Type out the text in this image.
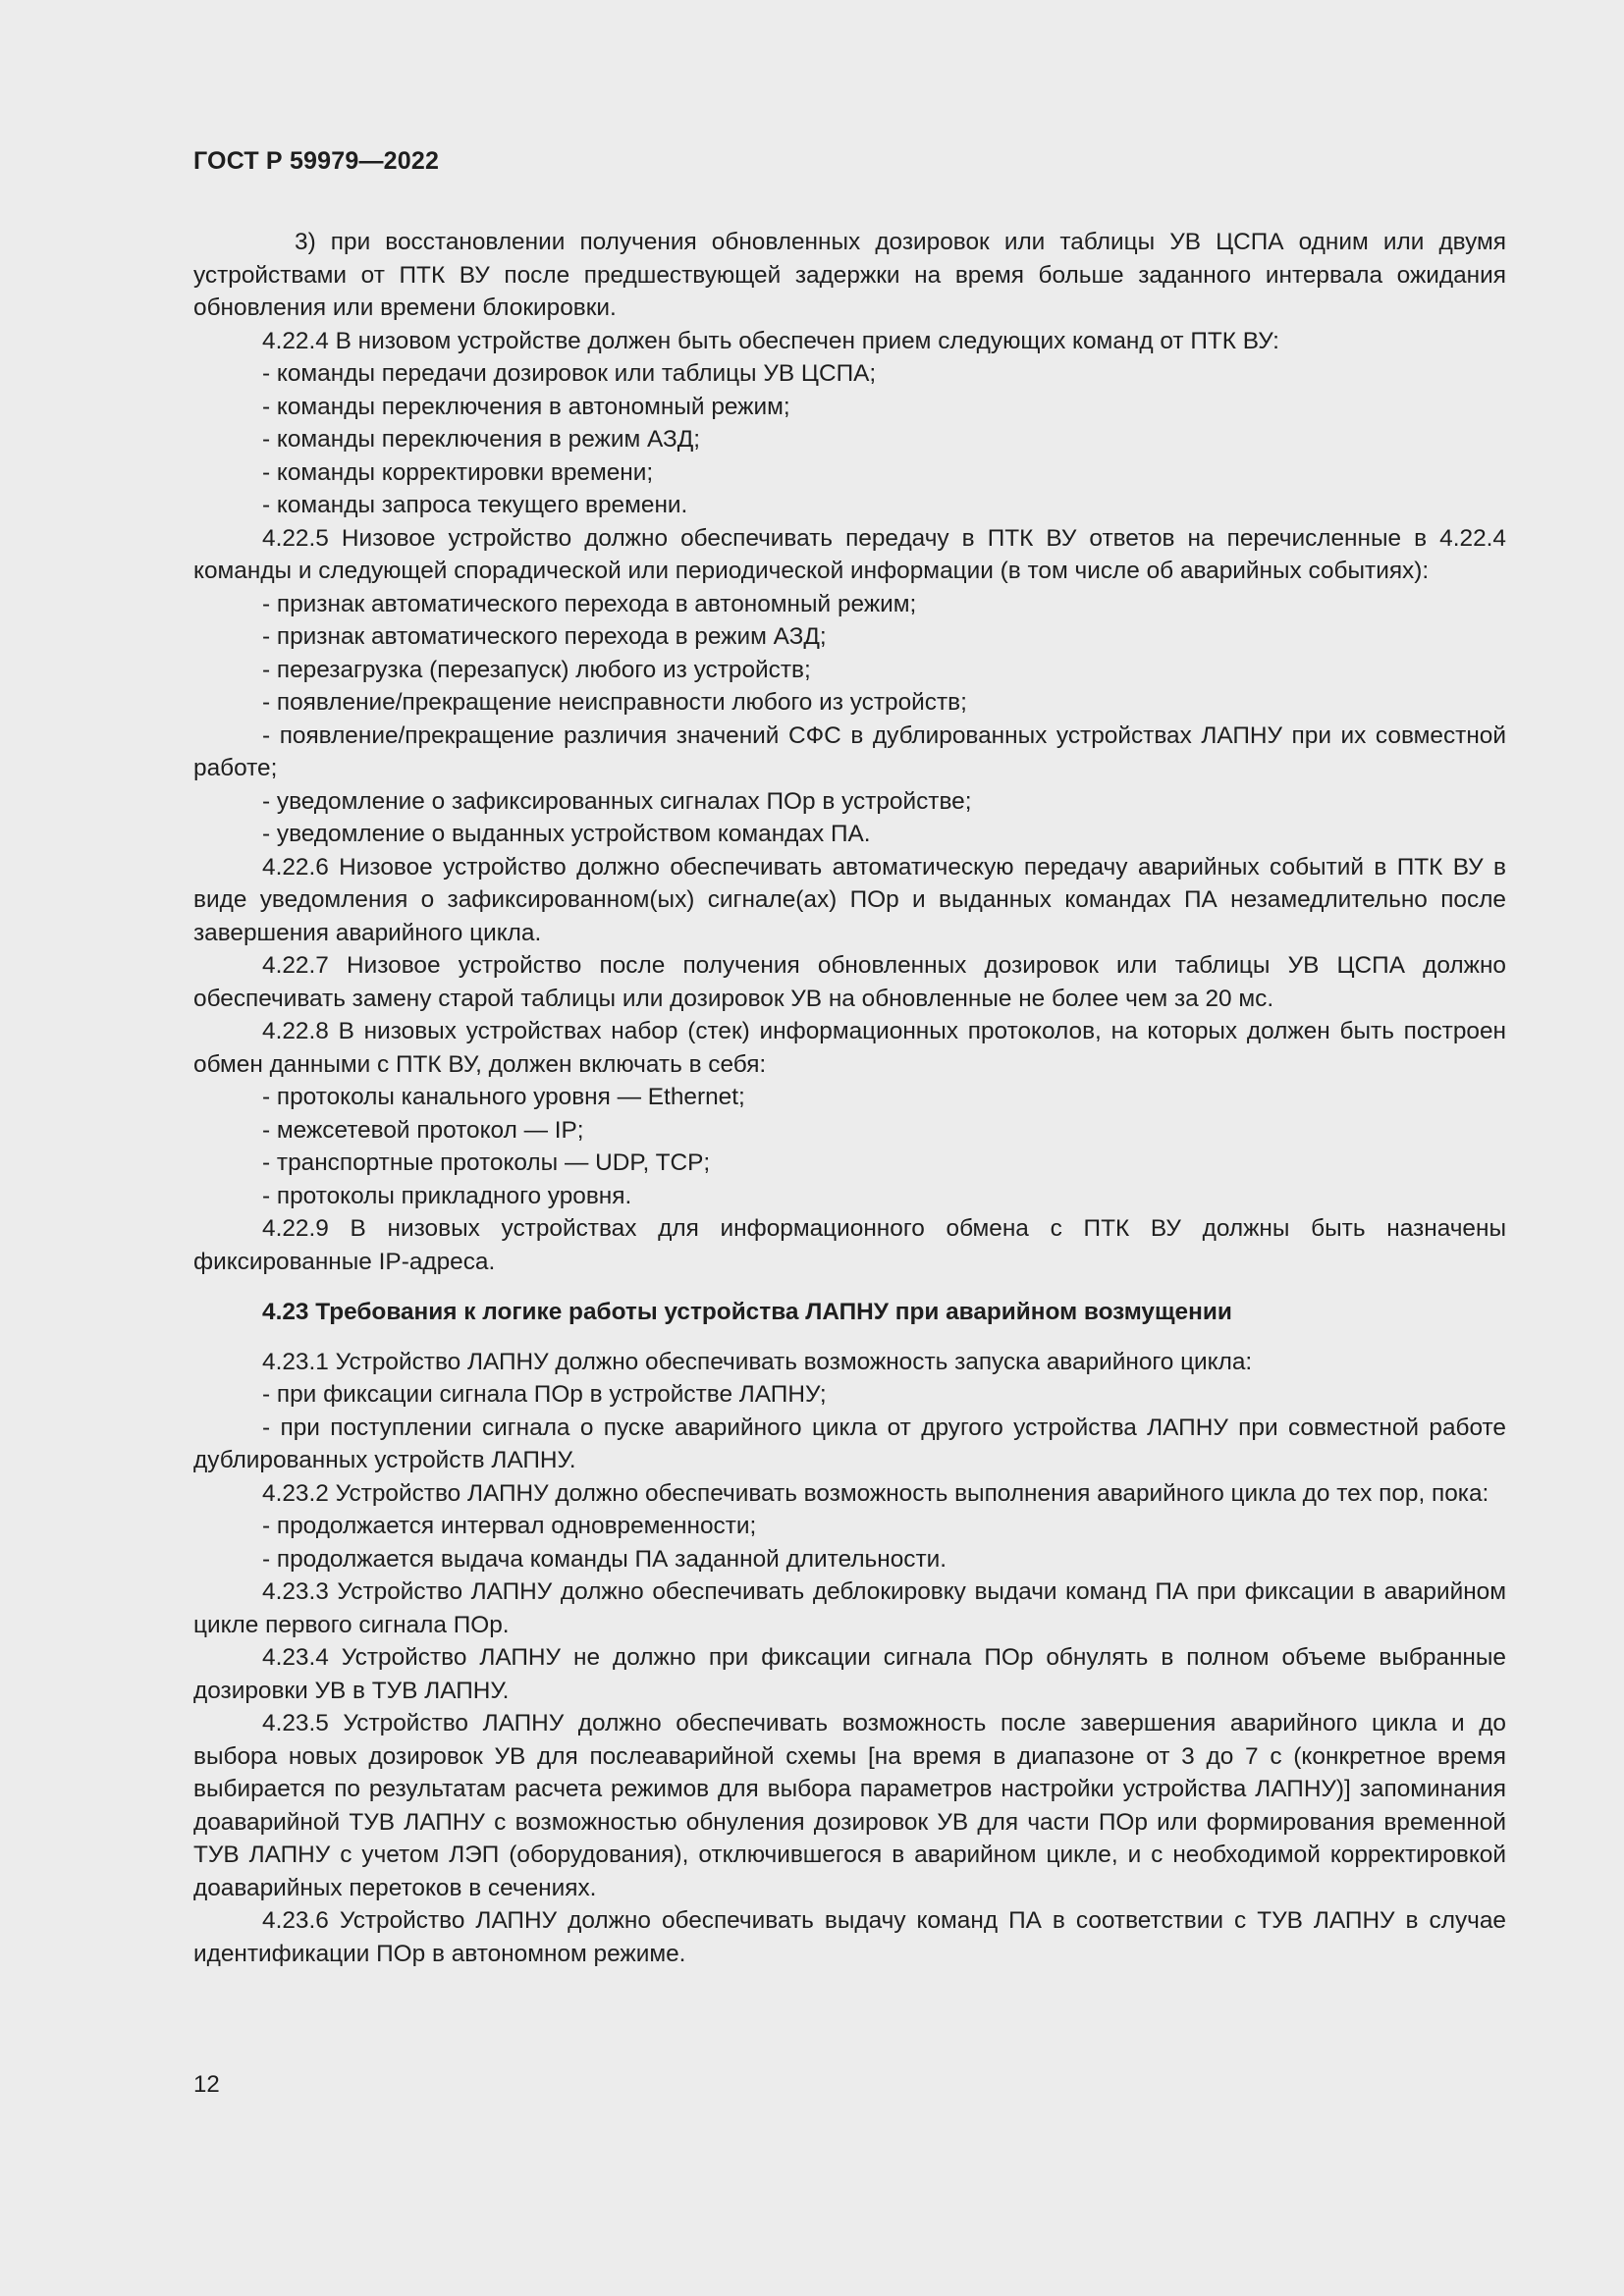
ГОСТ Р 59979—2022

3) при восстановлении получения обновленных дозировок или таблицы УВ ЦСПА одним или двумя устройствами от ПТК ВУ после предшествующей задержки на время больше заданного интервала ожидания обновления или времени блокировки.

4.22.4 В низовом устройстве должен быть обеспечен прием следующих команд от ПТК ВУ:

- команды передачи дозировок или таблицы УВ ЦСПА;

- команды переключения в автономный режим;

- команды переключения в режим АЗД;

- команды корректировки времени;

- команды запроса текущего времени.

4.22.5 Низовое устройство должно обеспечивать передачу в ПТК ВУ ответов на перечисленные в 4.22.4 команды и следующей спорадической или периодической информации (в том числе об аварийных событиях):

- признак автоматического перехода в автономный режим;

- признак автоматического перехода в режим АЗД;

- перезагрузка (перезапуск) любого из устройств;

- появление/прекращение неисправности любого из устройств;

- появление/прекращение различия значений СФС в дублированных устройствах ЛАПНУ при их совместной работе;

- уведомление о зафиксированных сигналах ПОр в устройстве;

- уведомление о выданных устройством командах ПА.

4.22.6 Низовое устройство должно обеспечивать автоматическую передачу аварийных событий в ПТК ВУ в виде уведомления о зафиксированном(ых) сигнале(ах) ПОр и выданных командах ПА незамедлительно после завершения аварийного цикла.

4.22.7 Низовое устройство после получения обновленных дозировок или таблицы УВ ЦСПА должно обеспечивать замену старой таблицы или дозировок УВ на обновленные не более чем за 20 мс.

4.22.8 В низовых устройствах набор (стек) информационных протоколов, на которых должен быть построен обмен данными с ПТК ВУ, должен включать в себя:

- протоколы канального уровня — Ethernet;

- межсетевой протокол — IP;

- транспортные протоколы — UDP, TCP;

- протоколы прикладного уровня.

4.22.9 В низовых устройствах для информационного обмена с ПТК ВУ должны быть назначены фиксированные IP-адреса.

4.23 Требования к логике работы устройства ЛАПНУ при аварийном возмущении

4.23.1 Устройство ЛАПНУ должно обеспечивать возможность запуска аварийного цикла:

- при фиксации сигнала ПОр в устройстве ЛАПНУ;

- при поступлении сигнала о пуске аварийного цикла от другого устройства ЛАПНУ при совместной работе дублированных устройств ЛАПНУ.

4.23.2 Устройство ЛАПНУ должно обеспечивать возможность выполнения аварийного цикла до тех пор, пока:

- продолжается интервал одновременности;

- продолжается выдача команды ПА заданной длительности.

4.23.3 Устройство ЛАПНУ должно обеспечивать деблокировку выдачи команд ПА при фиксации в аварийном цикле первого сигнала ПОр.

4.23.4 Устройство ЛАПНУ не должно при фиксации сигнала ПОр обнулять в полном объеме выбранные дозировки УВ в ТУВ ЛАПНУ.

4.23.5 Устройство ЛАПНУ должно обеспечивать возможность после завершения аварийного цикла и до выбора новых дозировок УВ для послеаварийной схемы [на время в диапазоне от 3 до 7 с (конкретное время выбирается по результатам расчета режимов для выбора параметров настройки устройства ЛАПНУ)] запоминания доаварийной ТУВ ЛАПНУ с возможностью обнуления дозировок УВ для части ПОр или формирования временной ТУВ ЛАПНУ с учетом ЛЭП (оборудования), отключившегося в аварийном цикле, и с необходимой корректировкой доаварийных перетоков в сечениях.

4.23.6 Устройство ЛАПНУ должно обеспечивать выдачу команд ПА в соответствии с ТУВ ЛАПНУ в случае идентификации ПОр в автономном режиме.

12
